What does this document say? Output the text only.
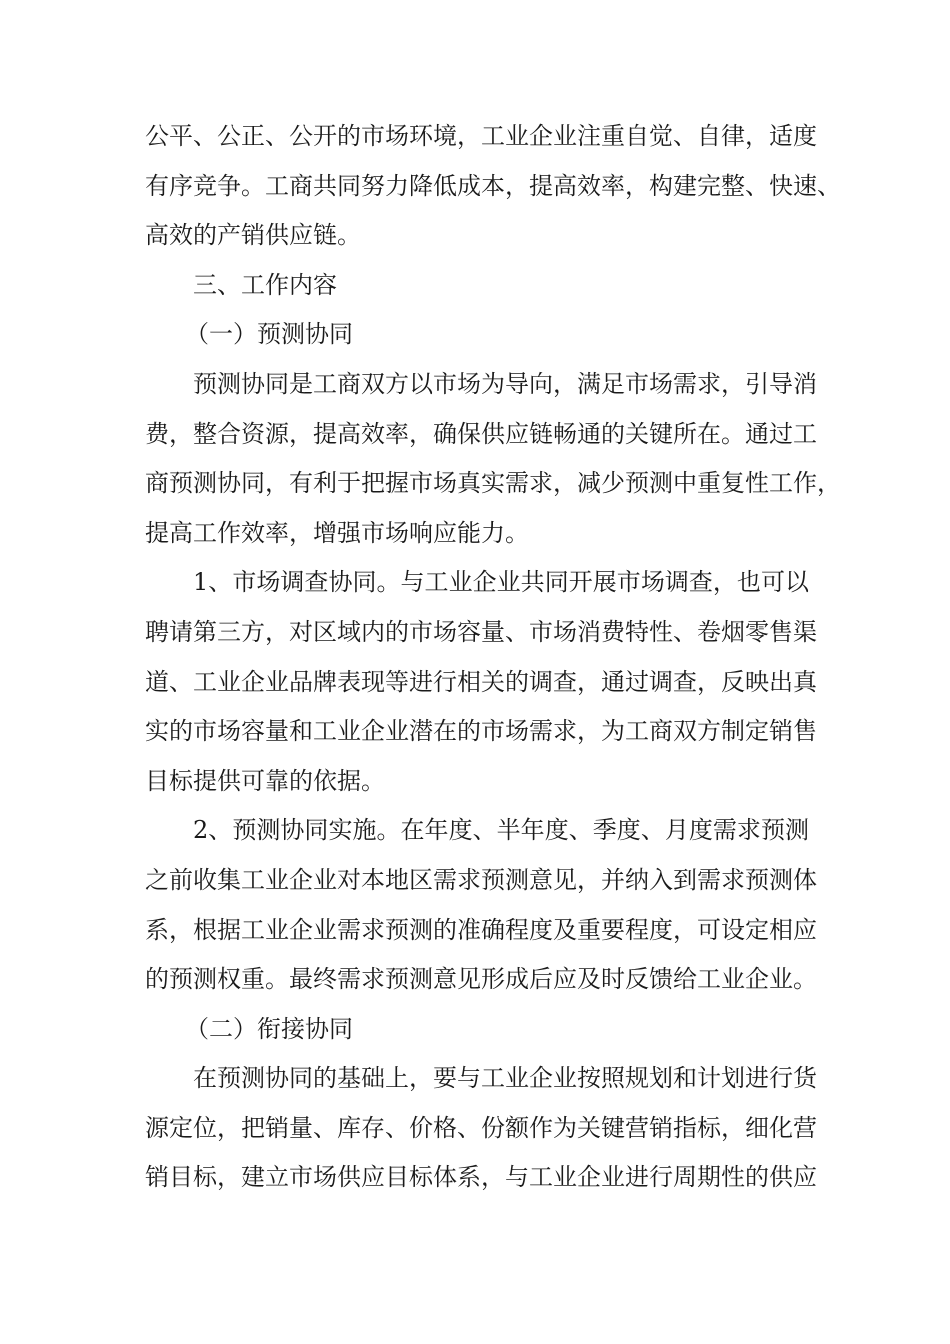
公平、公正、公开的市场环境，工业企业注重自觉、自律，适度
有序竞争。工商共同努力降低成本，提高效率，构建完整、快速、
高效的产销供应链。
三、工作内容
（一）预测协同
预测协同是工商双方以市场为导向，满足市场需求，引导消
费，整合资源，提高效率，确保供应链畅通的关键所在。通过工
商预测协同，有利于把握市场真实需求，减少预测中重复性工作，
提高工作效率，增强市场响应能力。
1、市场调查协同。与工业企业共同开展市场调查，也可以
聘请第三方，对区域内的市场容量、市场消费特性、卷烟零售渠
道、工业企业品牌表现等进行相关的调查，通过调查，反映出真
实的市场容量和工业企业潜在的市场需求，为工商双方制定销售
目标提供可靠的依据。
2、预测协同实施。在年度、半年度、季度、月度需求预测
之前收集工业企业对本地区需求预测意见，并纳入到需求预测体
系，根据工业企业需求预测的准确程度及重要程度，可设定相应
的预测权重。最终需求预测意见形成后应及时反馈给工业企业。
（二）衔接协同
在预测协同的基础上，要与工业企业按照规划和计划进行货
源定位，把销量、库存、价格、份额作为关键营销指标，细化营
销目标，建立市场供应目标体系，与工业企业进行周期性的供应
